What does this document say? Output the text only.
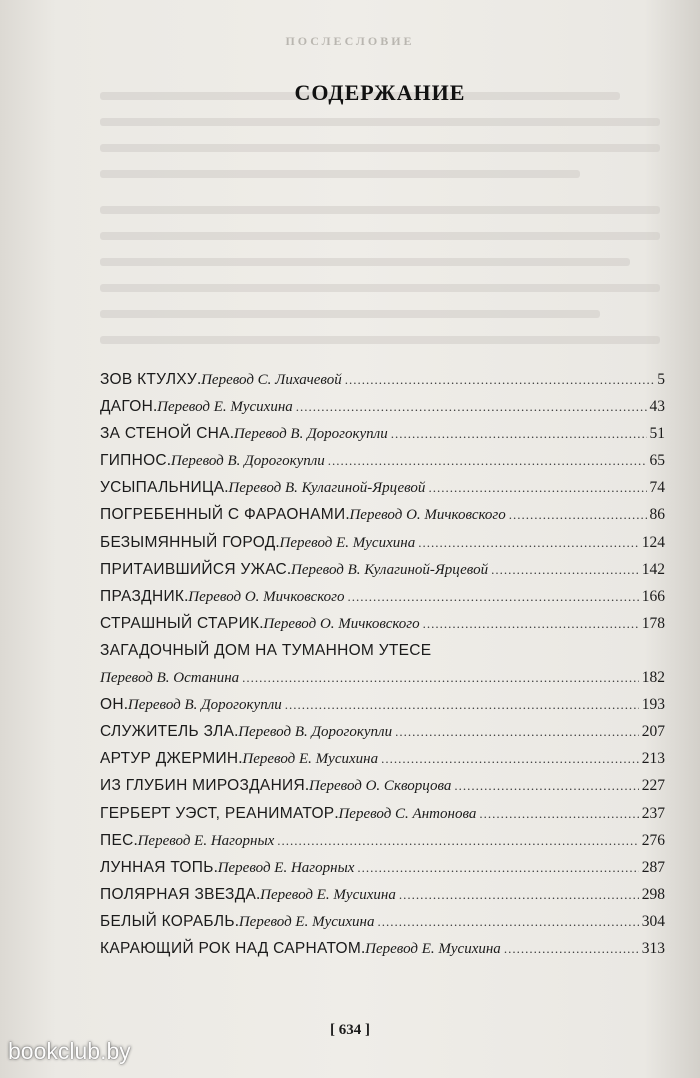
ПОСЛЕСЛОВИЕ
СОДЕРЖАНИЕ
ЗОВ КТУЛХУ . Перевод С. Лихачевой .....	5
ДАГОН . Перевод Е. Мусихина .....	43
ЗА СТЕНОЙ СНА . Перевод В. Дорогокупли .....	51
ГИПНОС . Перевод В. Дорогокупли .....	65
УСЫПАЛЬНИЦА . Перевод В. Кулагиной-Ярцевой .....	74
ПОГРЕБЕННЫЙ С ФАРАОНАМИ . Перевод О. Мичковского .....	86
БЕЗЫМЯННЫЙ ГОРОД . Перевод Е. Мусихина .....	124
ПРИТАИВШИЙСЯ УЖАС . Перевод В. Кулагиной-Ярцевой .....	142
ПРАЗДНИК . Перевод О. Мичковского .....	166
СТРАШНЫЙ СТАРИК . Перевод О. Мичковского .....	178
ЗАГАДОЧНЫЙ ДОМ НА ТУМАННОМ УТЕСЕ
Перевод В. Останина .....	182
ОН . Перевод В. Дорогокупли .....	193
СЛУЖИТЕЛЬ ЗЛА . Перевод В. Дорогокупли .....	207
АРТУР ДЖЕРМИН . Перевод Е. Мусихина .....	213
ИЗ ГЛУБИН МИРОЗДАНИЯ . Перевод О. Скворцова .....	227
ГЕРБЕРТ УЭСТ, РЕАНИМАТОР . Перевод С. Антонова .....	237
ПЕС . Перевод Е. Нагорных .....	276
ЛУННАЯ ТОПЬ . Перевод Е. Нагорных .....	287
ПОЛЯРНАЯ ЗВЕЗДА . Перевод Е. Мусихина .....	298
БЕЛЫЙ КОРАБЛЬ . Перевод Е. Мусихина .....	304
КАРАЮЩИЙ РОК НАД САРНАТОМ . Перевод Е. Мусихина .....	313
[ 634 ]
bookclub.by
